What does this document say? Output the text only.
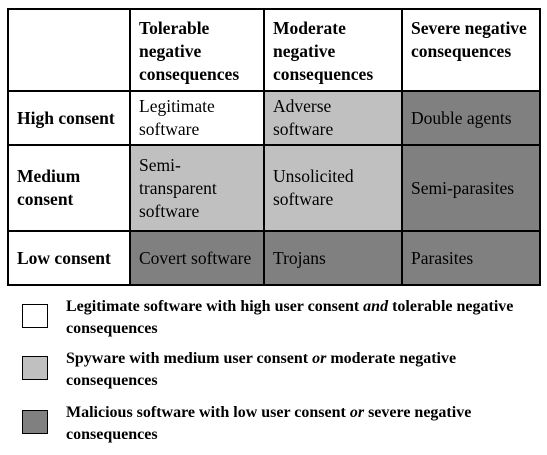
	Tolerable negative consequences	Moderate negative consequences	Severe negative consequences
High consent	Legitimate software	Adverse software	Double agents
Medium consent	Semi-transparent software	Unsolicited software	Semi-parasites
Low consent	Covert software	Trojans	Parasites
Legitimate software with high user consent and tolerable negative consequences
Spyware with medium user consent or moderate negative consequences
Malicious software with low user consent or severe negative consequences
